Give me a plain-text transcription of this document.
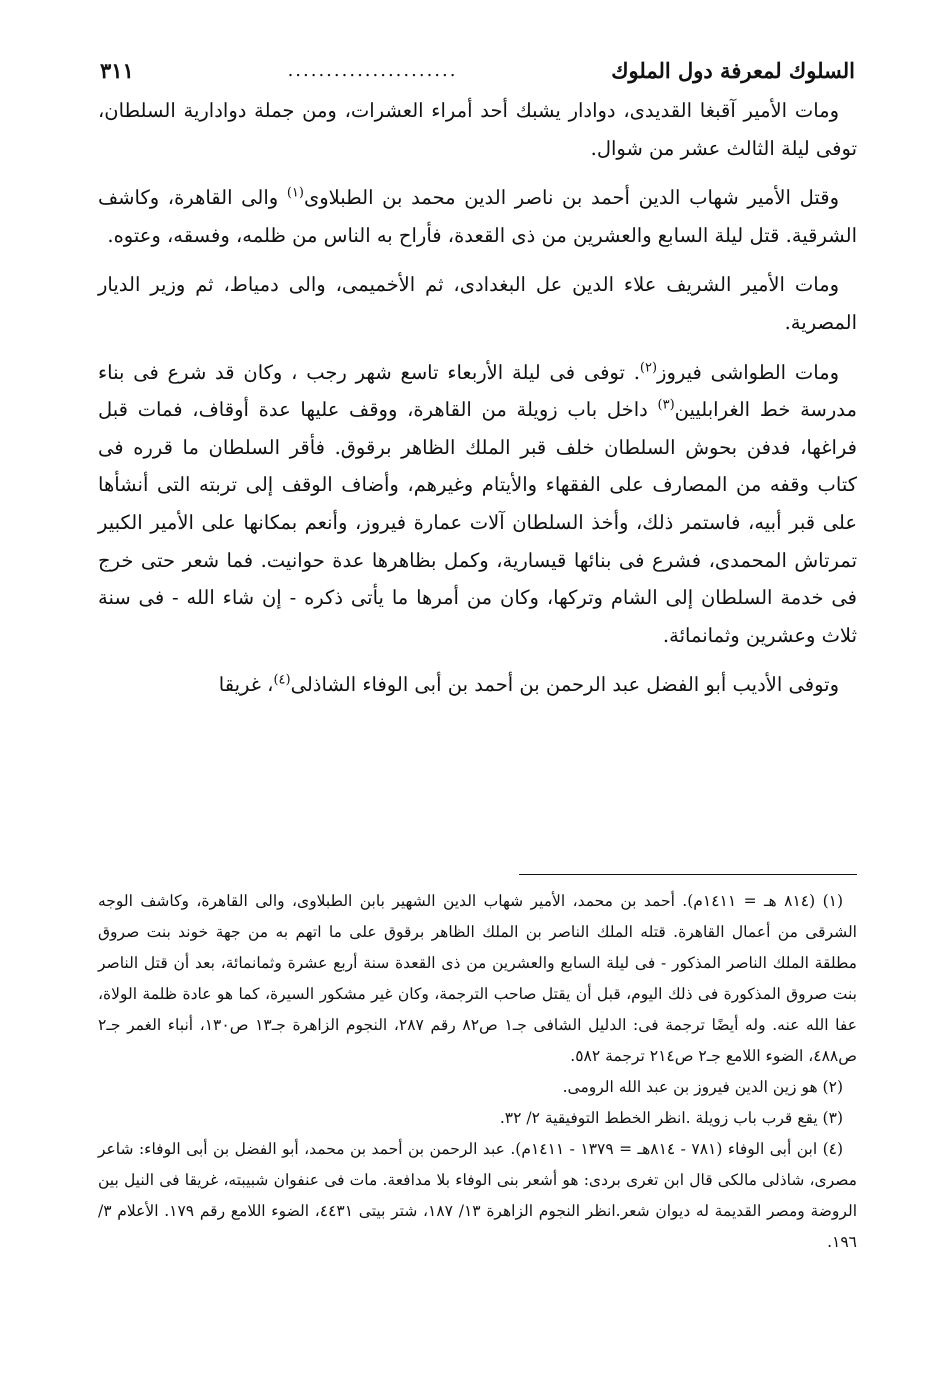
السلوك لمعرفة دول الملوك
......................
٣١١

ومات الأمير آقبغا القديدى، دوادار يشبك أحد أمراء العشرات، ومن جملة دوادارية السلطان، توفى ليلة الثالث عشر من شوال.

وقتل الأمير شهاب الدين أحمد بن ناصر الدين محمد بن الطبلاوى$^{(١)}$ والى القاهرة، وكاشف الشرقية. قتل ليلة السابع والعشرين من ذى القعدة، فأراح به الناس من ظلمه، وفسقه، وعتوه.

ومات الأمير الشريف علاء الدين عل البغدادى، ثم الأخميمى، والى دمياط، ثم وزير الديار المصرية.

ومات الطواشى فيروز$^{(٢)}$. توفى فى ليلة الأربعاء تاسع شهر رجب ، وكان قد شرع فى بناء مدرسة خط الغرابليين$^{(٣)}$ داخل باب زويلة من القاهرة، ووقف عليها عدة أوقاف، فمات قبل فراغها، فدفن بحوش السلطان خلف قبر الملك الظاهر برقوق. فأقر السلطان ما قرره فى كتاب وقفه من المصارف على الفقهاء والأيتام وغيرهم، وأضاف الوقف إلى تربته التى أنشأها على قبر أبيه، فاستمر ذلك، وأخذ السلطان آلات عمارة فيروز، وأنعم بمكانها على الأمير الكبير تمرتاش المحمدى، فشرع فى بنائها قيسارية، وكمل بظاهرها عدة حوانيت. فما شعر حتى خرج فى خدمة السلطان إلى الشام وتركها، وكان من أمرها ما يأتى ذكره - إن شاء الله - فى سنة ثلاث وعشرين وثمانمائة.

وتوفى الأديب أبو الفضل عبد الرحمن بن أحمد بن أبى الوفاء الشاذلى$^{(٤)}$، غريقا

(١) (٨١٤ هـ = ١٤١١م). أحمد بن محمد، الأمير شهاب الدين الشهير بابن الطبلاوى، والى القاهرة، وكاشف الوجه الشرقى من أعمال القاهرة. قتله الملك الناصر بن الملك الظاهر برقوق على ما اتهم به من جهة خوند بنت صروق مطلقة الملك الناصر المذكور - فى ليلة السابع والعشرين من ذى القعدة سنة أربع عشرة وثمانمائة، بعد أن قتل الناصر بنت صروق المذكورة فى ذلك اليوم، قبل أن يقتل صاحب الترجمة، وكان غير مشكور السيرة، كما هو عادة ظلمة الولاة، عفا الله عنه. وله أيضًا ترجمة فى: الدليل الشافى جـ١ ص٨٢ رقم ٢٨٧، النجوم الزاهرة جـ١٣ ص١٣٠، أنباء الغمر جـ٢ ص٤٨٨، الضوء اللامع جـ٢ ص٢١٤ ترجمة ٥٨٢.

(٢) هو زين الدين فيروز بن عبد الله الرومى.

(٣) يقع قرب باب زويلة .انظر الخطط التوفيقية ٢/ ٣٢.

(٤) ابن أبى الوفاء (٧٨١ - ٨١٤هـ = ١٣٧٩ - ١٤١١م). عبد الرحمن بن أحمد بن محمد، أبو الفضل بن أبى الوفاء: شاعر مصرى، شاذلى مالكى قال ابن تغرى بردى: هو أشعر بنى الوفاء بلا مدافعة. مات فى عنفوان شبيبته، غريقا فى النيل بين الروضة ومصر القديمة له ديوان شعر.انظر النجوم الزاهرة ١٣/ ١٨٧، شتر بيتى ٤٤٣١، الضوء اللامع رقم ١٧٩. الأعلام ٣/ ١٩٦.
